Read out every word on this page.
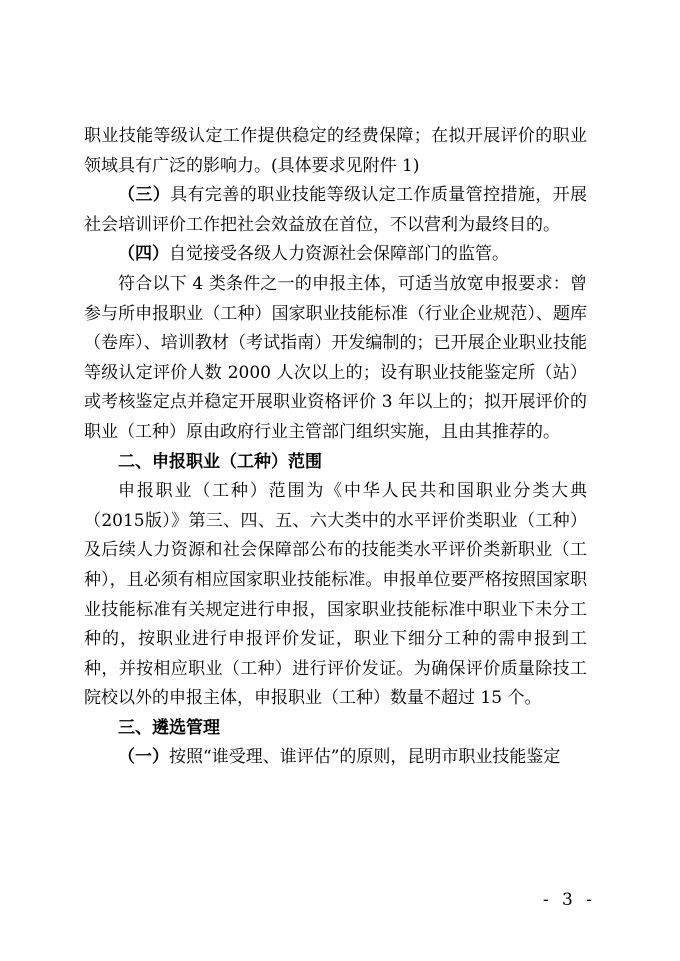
职业技能等级认定工作提供稳定的经费保障；在拟开展评价的职业领域具有广泛的影响力。(具体要求见附件 1)

（三）具有完善的职业技能等级认定工作质量管控措施，开展社会培训评价工作把社会效益放在首位，不以营利为最终目的。

（四）自觉接受各级人力资源社会保障部门的监管。

符合以下 4 类条件之一的申报主体，可适当放宽申报要求：曾参与所申报职业（工种）国家职业技能标准（行业企业规范）、题库（卷库）、培训教材（考试指南）开发编制的；已开展企业职业技能等级认定评价人数 2000 人次以上的；设有职业技能鉴定所（站）或考核鉴定点并稳定开展职业资格评价 3 年以上的；拟开展评价的职业（工种）原由政府行业主管部门组织实施，且由其推荐的。

二、申报职业（工种）范围

申报职业（工种）范围为《中华人民共和国职业分类大典（2015版）》第三、四、五、六大类中的水平评价类职业（工种）及后续人力资源和社会保障部公布的技能类水平评价类新职业（工种），且必须有相应国家职业技能标准。申报单位要严格按照国家职业技能标准有关规定进行申报，国家职业技能标准中职业下未分工种的，按职业进行申报评价发证，职业下细分工种的需申报到工种，并按相应职业（工种）进行评价发证。为确保评价质量除技工院校以外的申报主体，申报职业（工种）数量不超过 15 个。

三、遴选管理

（一）按照“谁受理、谁评估”的原则，昆明市职业技能鉴定

- 3 -
